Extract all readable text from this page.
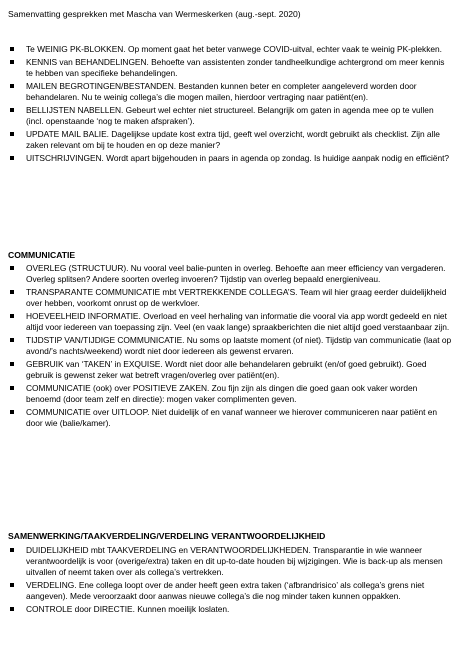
Samenvatting gesprekken met Mascha van Wermeskerken (aug.-sept. 2020)
Te WEINIG PK-BLOKKEN. Op moment gaat het beter vanwege COVID-uitval, echter vaak te weinig PK-plekken.
KENNIS van BEHANDELINGEN. Behoefte van assistenten zonder tandheelkundige achtergrond om meer kennis te hebben van specifieke behandelingen.
MAILEN BEGROTINGEN/BESTANDEN. Bestanden kunnen beter en completer aangeleverd worden door behandelaren. Nu te weinig collega’s die mogen mailen, hierdoor vertraging naar patiënt(en).
BELLIJSTEN NABELLEN. Gebeurt wel echter niet structureel. Belangrijk om gaten in agenda mee op te vullen (incl. openstaande ‘nog te maken afspraken’).
UPDATE MAIL BALIE. Dagelijkse update kost extra tijd, geeft wel overzicht, wordt gebruikt als checklist. Zijn alle zaken relevant om bij te houden en op deze manier?
UITSCHRIJVINGEN. Wordt apart bijgehouden in paars in agenda op zondag. Is huidige aanpak nodig en efficiënt?
COMMUNICATIE
OVERLEG (STRUCTUUR). Nu vooral veel balie-punten in overleg. Behoefte aan meer efficiency van vergaderen. Overleg splitsen? Andere soorten overleg invoeren? Tijdstip van overleg bepaald energieniveau.
TRANSPARANTE COMMUNICATIE mbt VERTREKKENDE COLLEGA’S. Team wil hier graag eerder duidelijkheid over hebben, voorkomt onrust op de werkvloer.
HOEVEELHEID INFORMATIE. Overload en veel herhaling van informatie die vooral via app wordt gedeeld en niet altijd voor iedereen van toepassing zijn. Veel (en vaak lange) spraakberichten die niet altijd goed verstaanbaar zijn.
TIJDSTIP VAN/TIJDIGE COMMUNICATIE. Nu soms op laatste moment (of niet). Tijdstip van communicatie (laat op avond/’s nachts/weekend) wordt niet door iedereen als gewenst ervaren.
GEBRUIK van ‘TAKEN’ in EXQUISE. Wordt niet door alle behandelaren gebruikt (en/of goed gebruikt). Goed gebruik is gewenst zeker wat betreft vragen/overleg over patiënt(en).
COMMUNICATIE (ook) over POSITIEVE ZAKEN. Zou fijn zijn als dingen die goed gaan ook vaker worden benoemd (door team zelf en directie): mogen vaker complimenten geven.
COMMUNICATIE over UITLOOP. Niet duidelijk of en vanaf wanneer we hierover communiceren naar patiënt en door wie (balie/kamer).
SAMENWERKING/TAAKVERDELING/VERDELING VERANTWOORDELIJKHEID
DUIDELIJKHEID mbt TAAKVERDELING en VERANTWOORDELIJKHEDEN. Transparantie in wie wanneer verantwoordelijk is voor (overige/extra) taken en dit up-to-date houden bij wijzigingen. Wie is back-up als mensen uitvallen of neemt taken over als collega’s vertrekken.
VERDELING. Ene collega loopt over de ander heeft geen extra taken (‘afbrandrisico’ als collega’s grens niet aangeven). Mede veroorzaakt door aanwas nieuwe collega’s die nog minder taken kunnen oppakken.
CONTROLE door DIRECTIE. Kunnen moeilijk loslaten.
